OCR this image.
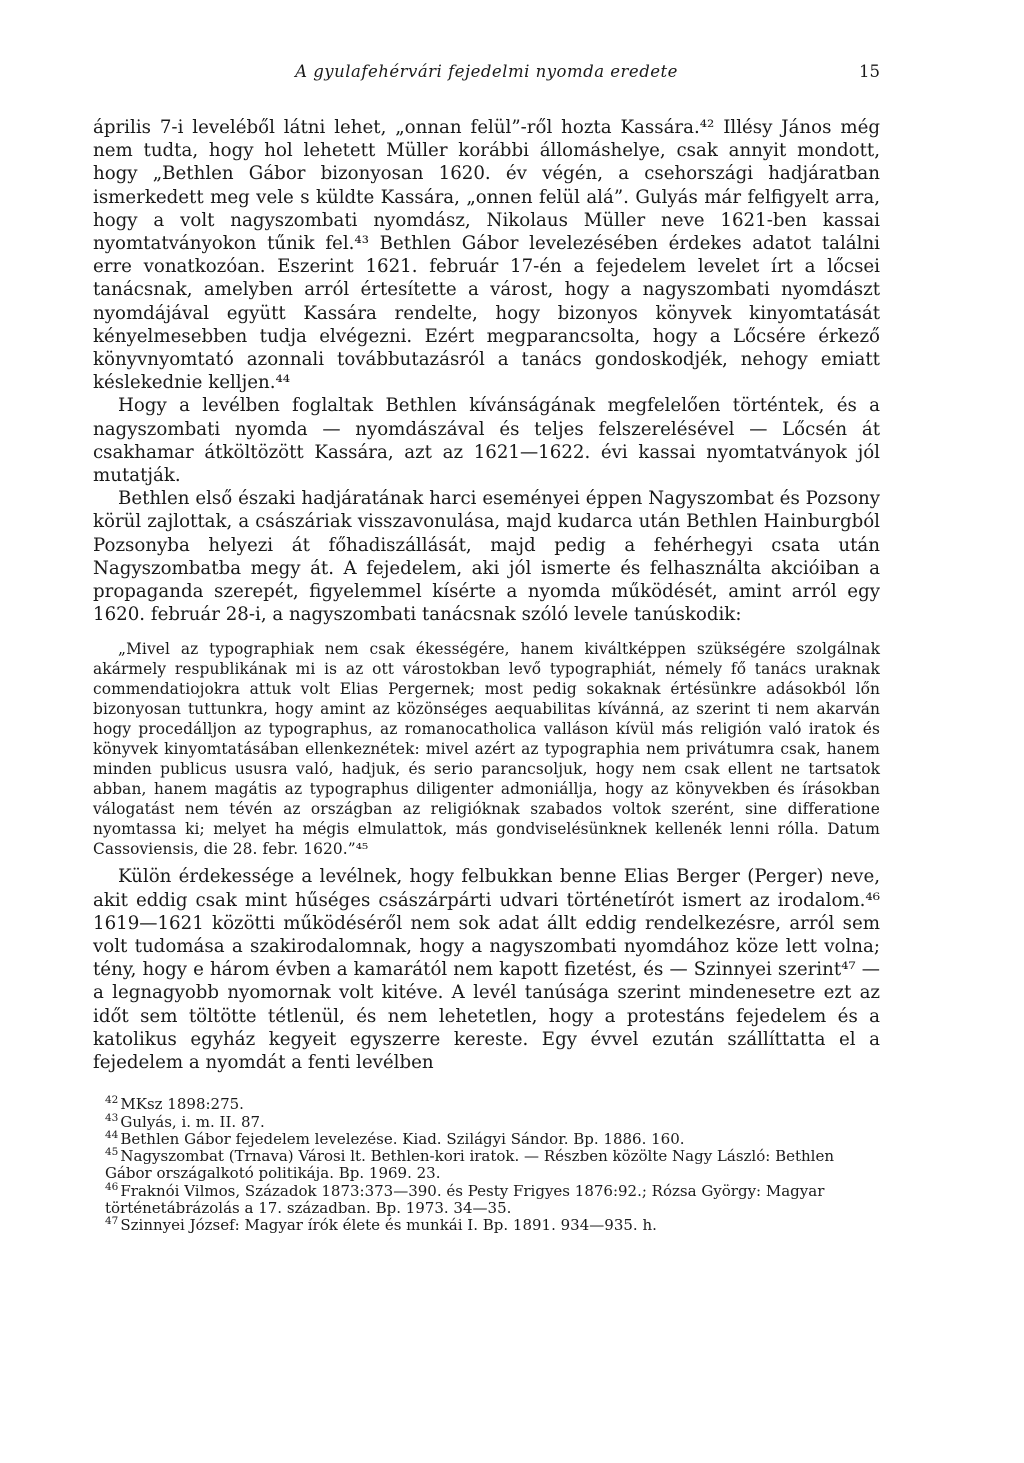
A gyulafehérvári fejedelmi nyomda eredete	15

április 7-i leveléből látni lehet, „onnan felül”-ről hozta Kassára.⁴² Illésy János még nem tudta, hogy hol lehetett Müller korábbi állomáshelye, csak annyit mondott, hogy „Bethlen Gábor bizonyosan 1620. év végén, a csehországi hadjáratban ismerkedett meg vele s küldte Kassára, „onnen felül alá”. Gulyás már felfigyelt arra, hogy a volt nagyszombati nyomdász, Nikolaus Müller neve 1621-ben kassai nyomtatványokon tűnik fel.⁴³ Bethlen Gábor levelezésében érdekes adatot találni erre vonatkozóan. Eszerint 1621. február 17-én a fejedelem levelet írt a lőcsei tanácsnak, amelyben arról értesítette a várost, hogy a nagyszombati nyomdászt nyomdájával együtt Kassára rendelte, hogy bizonyos könyvek kinyomtatását kényelmesebben tudja elvégezni. Ezért megparancsolta, hogy a Lőcsére érkező könyvnyomtató azonnali továbbutazásról a tanács gondoskodjék, nehogy emiatt késlekednie kelljen.⁴⁴

Hogy a levélben foglaltak Bethlen kívánságának megfelelően történtek, és a nagyszombati nyomda — nyomdászával és teljes felszerelésével — Lőcsén át csakhamar átköltözött Kassára, azt az 1621—1622. évi kassai nyomtatványok jól mutatják.

Bethlen első északi hadjáratának harci eseményei éppen Nagyszombat és Pozsony körül zajlottak, a császáriak visszavonulása, majd kudarca után Bethlen Hainburgból Pozsonyba helyezi át főhadiszállását, majd pedig a fehérhegyi csata után Nagyszombatba megy át. A fejedelem, aki jól ismerte és felhasználta akcióiban a propaganda szerepét, figyelemmel kísérte a nyomda működését, amint arról egy 1620. február 28-i, a nagyszombati tanácsnak szóló levele tanúskodik:

„Mivel az typographiak nem csak ékességére, hanem kiváltképpen szükségére szolgálnak akármely respublikának mi is az ott várostokban levő typographiát, némely fő tanács uraknak commendatiojokra attuk volt Elias Pergernek; most pedig sokaknak értésünkre adásokból lőn bizonyosan tuttunkra, hogy amint az közönséges aequabilitas kívánná, az szerint ti nem akarván hogy procedálljon az typographus, az romanocatholica valláson kívül más religión való iratok és könyvek kinyomtatásában ellenkeznétek: mivel azért az typographia nem privátumra csak, hanem minden publicus ususra való, hadjuk, és serio parancsoljuk, hogy nem csak ellent ne tartsatok abban, hanem magátis az typographus diligenter admoniállja, hogy az könyvekben és írásokban válogatást nem tévén az országban az religióknak szabados voltok szerént, sine differatione nyomtassa ki; melyet ha mégis elmulattok, más gondviselésünknek kellenék lenni rólla. Datum Cassoviensis, die 28. febr. 1620.”⁴⁵

Külön érdekessége a levélnek, hogy felbukkan benne Elias Berger (Perger) neve, akit eddig csak mint hűséges császárpárti udvari történetírót ismert az irodalom.⁴⁶ 1619—1621 közötti működéséről nem sok adat állt eddig rendelkezésre, arról sem volt tudomása a szakirodalomnak, hogy a nagyszombati nyomdához köze lett volna; tény, hogy e három évben a kamarától nem kapott fizetést, és — Szinnyei szerint⁴⁷ — a legnagyobb nyomornak volt kitéve. A levél tanúsága szerint mindenesetre ezt az időt sem töltötte tétlenül, és nem lehetetlen, hogy a protestáns fejedelem és a katolikus egyház kegyeit egyszerre kereste. Egy évvel ezután szállíttatta el a fejedelem a nyomdát a fenti levélben

$^{42}$ MKsz 1898:275.

$^{43}$ Gulyás, i. m. II. 87.

$^{44}$ Bethlen Gábor fejedelem levelezése. Kiad. Szilágyi Sándor. Bp. 1886. 160.

$^{45}$ Nagyszombat (Trnava) Városi lt. Bethlen-kori iratok. — Részben közölte Nagy László: Bethlen Gábor országalkotó politikája. Bp. 1969. 23.

$^{46}$ Fraknói Vilmos, Századok 1873:373—390. és Pesty Frigyes 1876:92.; Rózsa György: Magyar történetábrázolás a 17. században. Bp. 1973. 34—35.

$^{47}$ Szinnyei József: Magyar írók élete és munkái I. Bp. 1891. 934—935. h.
